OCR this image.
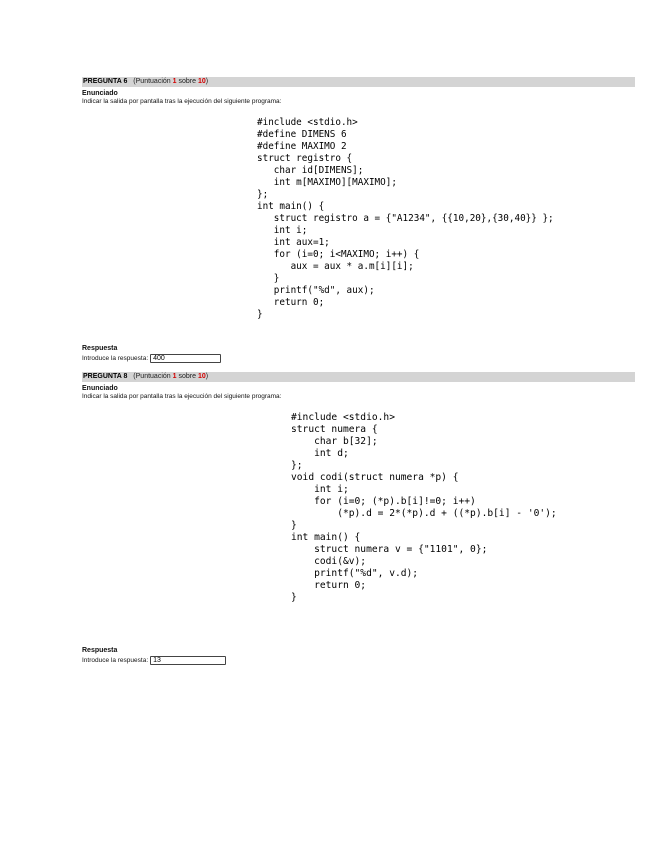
PREGUNTA 6 (Puntuación 1 sobre 10)
Enunciado
Indicar la salida por pantalla tras la ejecución del siguiente programa:
#include <stdio.h>
#define DIMENS 6
#define MAXIMO 2
struct registro {
char id[DIMENS];
int m[MAXIMO][MAXIMO];
};
int main() {
struct registro a = {"A1234", {{10,20},{30,40}} };
int i;
int aux=1;
for (i=0; i<MAXIMO; i++) {
aux = aux * a.m[i][i];
}
printf("%d", aux);
return 0;
}
Respuesta
Introduce la respuesta:
400
PREGUNTA 8 (Puntuación 1 sobre 10)
Enunciado
Indicar la salida por pantalla tras la ejecución del siguiente programa:
#include <stdio.h>
struct numera {
char b[32];
int d;
};
void codi(struct numera *p) {
int i;
for (i=0; (*p).b[i]!=0; i++)
(*p).d = 2*(*p).d + ((*p).b[i] - '0');
}
int main() {
struct numera v = {"1101", 0};
codi(&v);
printf("%d", v.d);
return 0;
}
Respuesta
Introduce la respuesta:
13
